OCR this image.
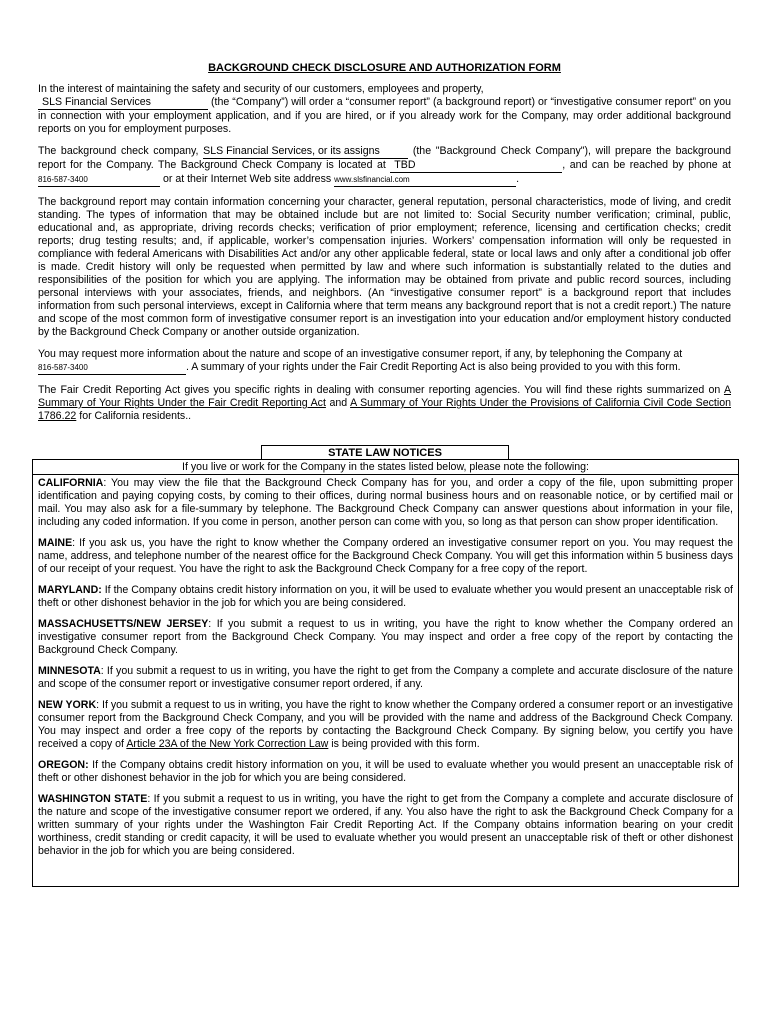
BACKGROUND CHECK DISCLOSURE AND AUTHORIZATION FORM

In the interest of maintaining the safety and security of our customers, employees and property,
SLS Financial Services	(the “Company”) will order a “consumer report” (a background report) or “investigative consumer report” on you in connection with your employment application, and if you are hired, or if you already work for the Company, may order additional background reports on you for employment purposes.

The background check company, SLS Financial Services, or its assigns	(the "Background Check Company"), will prepare the background report for the Company. The Background Check Company is located at TBD	, and can be reached by phone at 816-587-3400	or at their Internet Web site address www.slsfinancial.com	.

The background report may contain information concerning your character, general reputation, personal characteristics, mode of living, and credit standing. The types of information that may be obtained include but are not limited to: Social Security number verification; criminal, public, educational and, as appropriate, driving records checks; verification of prior employment; reference, licensing and certification checks; credit reports; drug testing results; and, if applicable, worker’s compensation injuries. Workers’ compensation information will only be requested in compliance with federal Americans with Disabilities Act and/or any other applicable federal, state or local laws and only after a conditional job offer is made. Credit history will only be requested when permitted by law and where such information is substantially related to the duties and responsibilities of the position for which you are applying. The information may be obtained from private and public record sources, including personal interviews with your associates, friends, and neighbors. (An “investigative consumer report” is a background report that includes information from such personal interviews, except in California where that term means any background report that is not a credit report.) The nature and scope of the most common form of investigative consumer report is an investigation into your education and/or employment history conducted by the Background Check Company or another outside organization.

You may request more information about the nature and scope of an investigative consumer report, if any, by telephoning the Company at
816-587-3400	. A summary of your rights under the Fair Credit Reporting Act is also being provided to you with this form.

The Fair Credit Reporting Act gives you specific rights in dealing with consumer reporting agencies. You will find these rights summarized on A Summary of Your Rights Under the Fair Credit Reporting Act and A Summary of Your Rights Under the Provisions of California Civil Code Section 1786.22 for California residents..

STATE LAW NOTICES
If you live or work for the Company in the states listed below, please note the following:

CALIFORNIA: You may view the file that the Background Check Company has for you, and order a copy of the file, upon submitting proper identification and paying copying costs, by coming to their offices, during normal business hours and on reasonable notice, or by certified mail or mail. You may also ask for a file-summary by telephone. The Background Check Company can answer questions about information in your file, including any coded information. If you come in person, another person can come with you, so long as that person can show proper identification.

MAINE: If you ask us, you have the right to know whether the Company ordered an investigative consumer report on you. You may request the name, address, and telephone number of the nearest office for the Background Check Company. You will get this information within 5 business days of our receipt of your request. You have the right to ask the Background Check Company for a free copy of the report.

MARYLAND: If the Company obtains credit history information on you, it will be used to evaluate whether you would present an unacceptable risk of theft or other dishonest behavior in the job for which you are being considered.

MASSACHUSETTS/NEW JERSEY: If you submit a request to us in writing, you have the right to know whether the Company ordered an investigative consumer report from the Background Check Company. You may inspect and order a free copy of the report by contacting the Background Check Company.

MINNESOTA: If you submit a request to us in writing, you have the right to get from the Company a complete and accurate disclosure of the nature and scope of the consumer report or investigative consumer report ordered, if any.

NEW YORK: If you submit a request to us in writing, you have the right to know whether the Company ordered a consumer report or an investigative consumer report from the Background Check Company, and you will be provided with the name and address of the Background Check Company. You may inspect and order a free copy of the reports by contacting the Background Check Company. By signing below, you certify you have received a copy of Article 23A of the New York Correction Law is being provided with this form.

OREGON: If the Company obtains credit history information on you, it will be used to evaluate whether you would present an unacceptable risk of theft or other dishonest behavior in the job for which you are being considered.

WASHINGTON STATE: If you submit a request to us in writing, you have the right to get from the Company a complete and accurate disclosure of the nature and scope of the investigative consumer report we ordered, if any. You also have the right to ask the Background Check Company for a written summary of your rights under the Washington Fair Credit Reporting Act. If the Company obtains information bearing on your credit worthiness, credit standing or credit capacity, it will be used to evaluate whether you would present an unacceptable risk of theft or other dishonest behavior in the job for which you are being considered.
